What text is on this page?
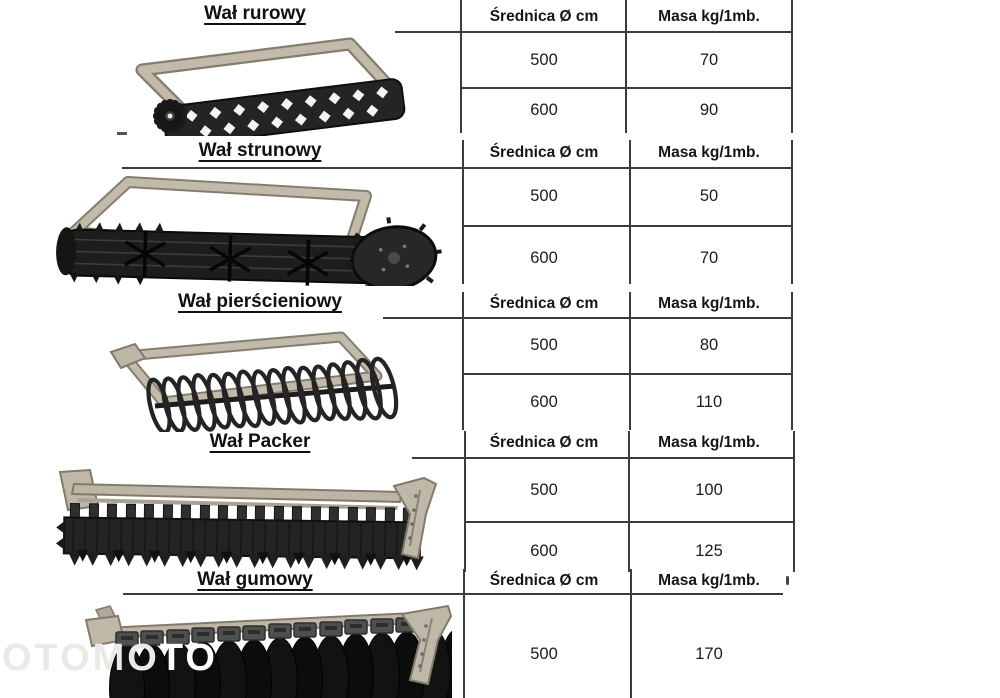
Wał rurowy	Średnica Ø cm	Masa kg/1mb.
500	70
600	90
Wał strunowy	Średnica Ø cm	Masa kg/1mb.
500	50
600	70
Wał pierścieniowy	Średnica Ø cm	Masa kg/1mb.
500	80
600	110
Wał Packer	Średnica Ø cm	Masa kg/1mb.
500	100
600	125
Wał gumowy	Średnica Ø cm	Masa kg/1mb.
500	170
OTOMOTO
